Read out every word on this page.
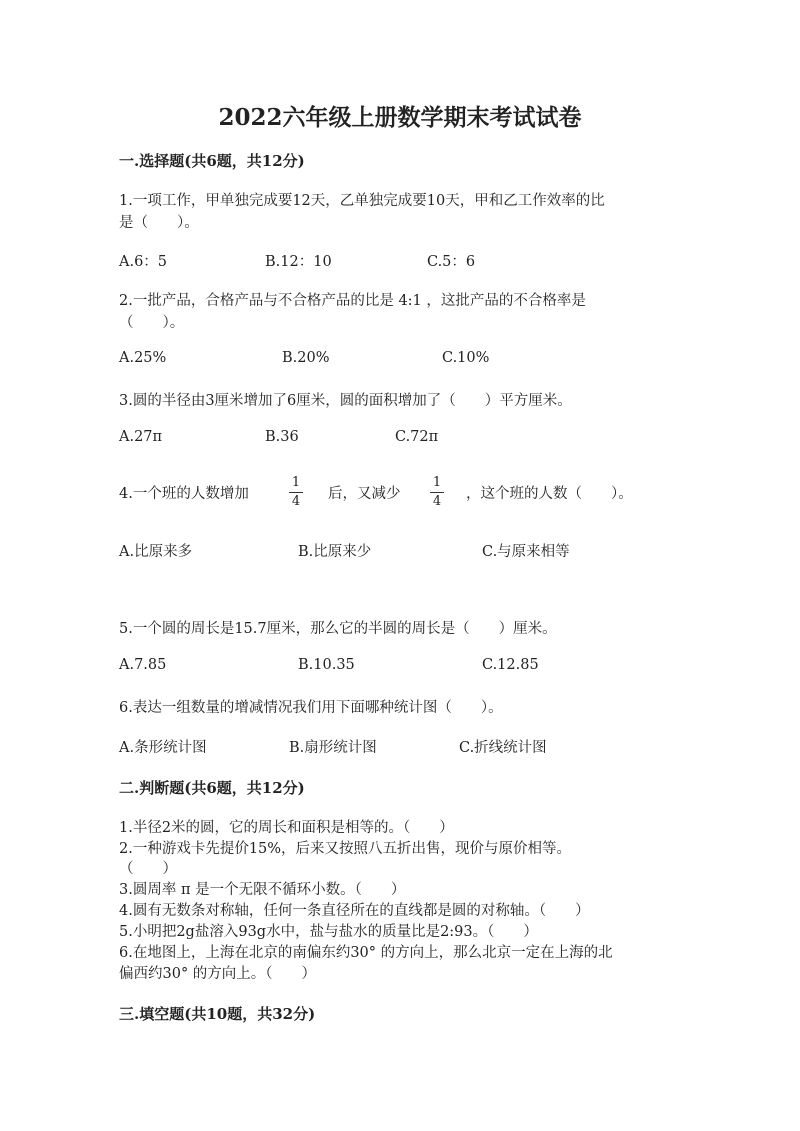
2022六年级上册数学期末考试试卷
一.选择题(共6题，共12分)
1.一项工作，甲单独完成要12天，乙单独完成要10天，甲和乙工作效率的比
是（　　）。
A.6：5	B.12：10	C.5：6
2.一批产品，合格产品与不合格产品的比是 4:1 ，这批产品的不合格率是
（　　）。
A.25%	B.20%	C.10%
3.圆的半径由3厘米增加了6厘米，圆的面积增加了（　　）平方厘米。
A.27π	B.36	C.72π
4.一个班的人数增加
1
4 后，又减少
1
4 ，这个班的人数（　　）。
A.比原来多	B.比原来少	C.与原来相等
5.一个圆的周长是15.7厘米，那么它的半圆的周长是（　　）厘米。
A.7.85	B.10.35	C.12.85
6.表达一组数量的增减情况我们用下面哪种统计图（　　）。
A.条形统计图	B.扇形统计图	C.折线统计图
二.判断题(共6题，共12分)
1.半径2米的圆，它的周长和面积是相等的。（　　）
2.一种游戏卡先提价15%，后来又按照八五折出售，现价与原价相等。
（　　）
3.圆周率 π 是一个无限不循环小数。（　　）
4.圆有无数条对称轴，任何一条直径所在的直线都是圆的对称轴。（　　）
5.小明把2g盐溶入93g水中，盐与盐水的质量比是2:93。（　　）
6.在地图上，上海在北京的南偏东约30° 的方向上，那么北京一定在上海的北
偏西约30° 的方向上。（　　）
三.填空题(共10题，共32分)
